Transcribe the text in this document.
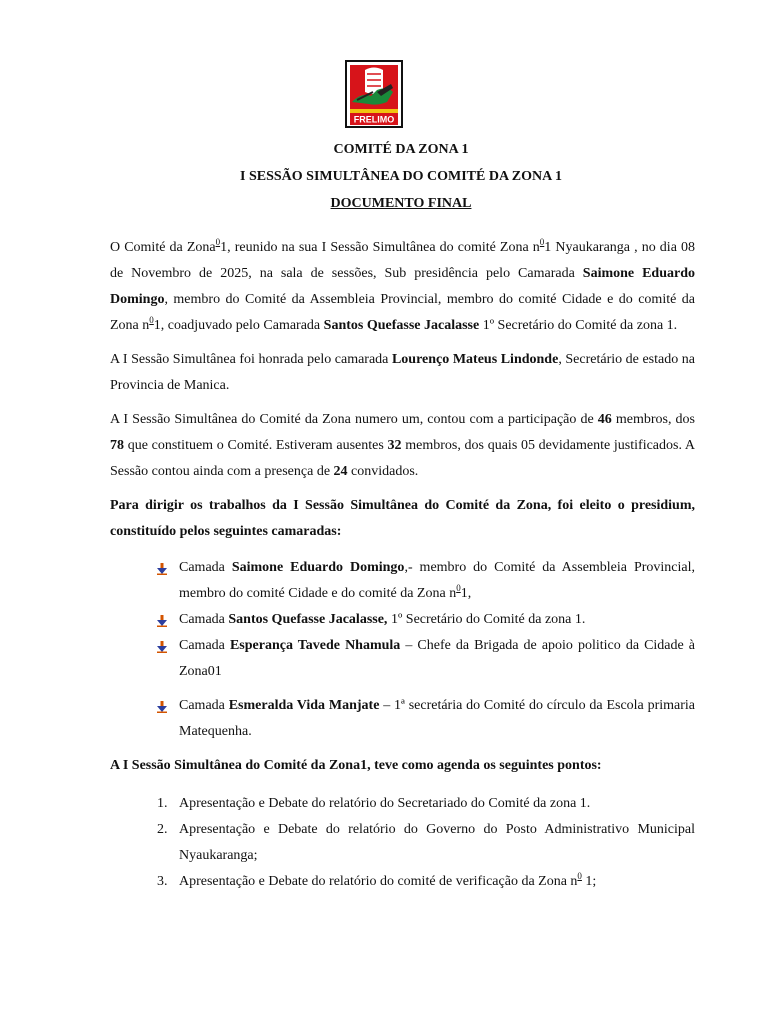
FRELIMO
COMITÉ DA ZONA 1
I SESSÃO SIMULTÂNEA DO COMITÉ DA ZONA 1
DOCUMENTO FINAL

O Comité da Zona$^0$1, reunido na sua I Sessão Simultânea do comité Zona $n^01$ Nyaukaranga , no dia 08 de Novembro de 2025, na sala de sessões, Sub presidência pelo Camarada Saimone Eduardo Domingo, membro do Comité da Assembleia Provincial, membro do comité Cidade e do comité da Zona $n^01$, coadjuvado pelo Camarada Santos Quefasse Jacalasse 1º Secretário do Comité da zona 1.

A I Sessão Simultânea foi honrada pelo camarada Lourenço Mateus Lindonde, Secretário de estado na Provincia de Manica.

A I Sessão Simultânea do Comité da Zona numero um, contou com a participação de 46 membros, dos 78 que constituem o Comité. Estiveram ausentes 32 membros, dos quais 05 devidamente justificados. A Sessão contou ainda com a presença de 24 convidados.

Para dirigir os trabalhos da I Sessão Simultânea do Comité da Zona, foi eleito o presidium, constituído pelos seguintes camaradas:

Camada Saimone Eduardo Domingo,- membro do Comité da Assembleia Provincial, membro do comité Cidade e do comité da Zona $n^01$,
Camada Santos Quefasse Jacalasse, 1º Secretário do Comité da zona 1.
Camada Esperança Tavede Nhamula – Chefe da Brigada de apoio politico da Cidade à Zona01
Camada Esmeralda Vida Manjate – 1ª secretária do Comité do círculo da Escola primaria Matequenha.

A I Sessão Simultânea do Comité da Zona1, teve como agenda os seguintes pontos:

1. Apresentação e Debate do relatório do Secretariado do Comité da zona 1.
2. Apresentação e Debate do relatório do Governo do Posto Administrativo Municipal Nyaukaranga;
3. Apresentação e Debate do relatório do comité de verificação da Zona $n^0$ 1;
